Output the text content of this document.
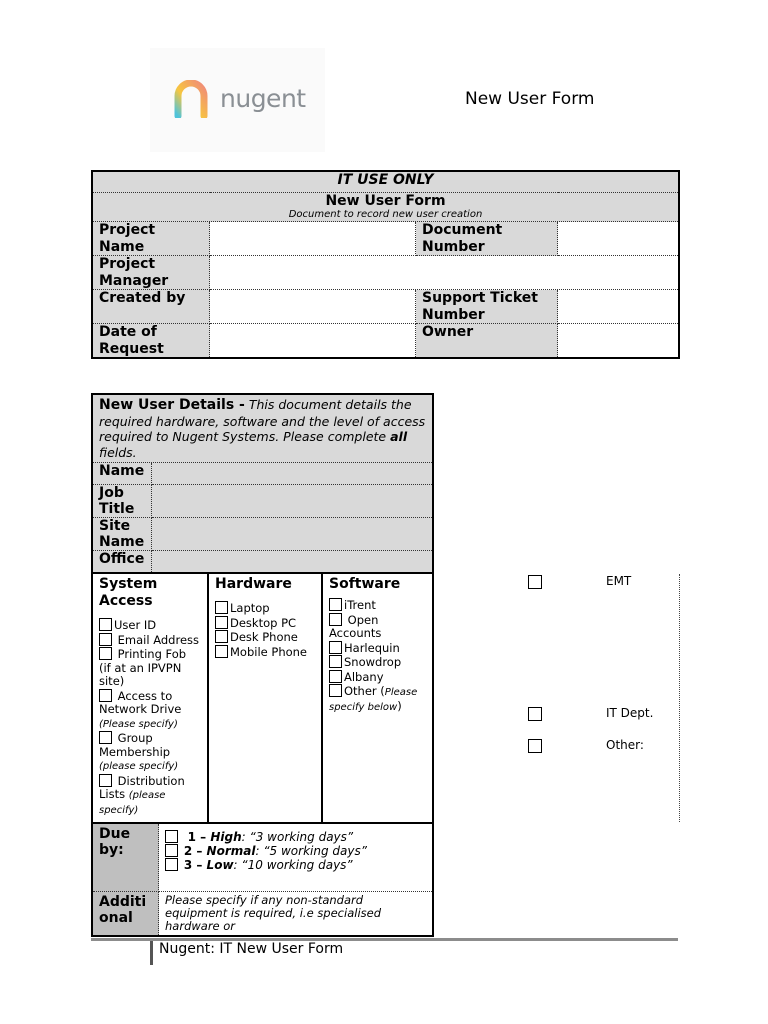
nugent	New User Form
IT USE ONLY			
New User Form
Document to record new user creation			

Project Name		Document Number	
Project Manager			
Created by		Support Ticket Number	
Date of Request		Owner	
New User Details - This document details the required hardware, software and the level of access required to Nugent Systems. Please complete all fields.	
Name	
Job Title	
Site Name	
Office	
System Access
User ID
Email Address
Printing Fob (if at an IPVPN site)
Access to Network Drive (Please specify)
Group Membership (please specify)
Distribution Lists (please specify)
Hardware
Laptop
Desktop PC
Desk Phone
Mobile Phone
Software
iTrent
Open Accounts
Harlequin
Snowdrop
Albany
Other (Please specify below)
Due by:	1 – High: “3 working days”
2 – Normal: “5 working days”
3 – Low: “10 working days”

Additional	Please specify if any non-standard equipment is required, i.e specialised hardware or
EMT
IT Dept.
Other:
Nugent: IT New User Form
